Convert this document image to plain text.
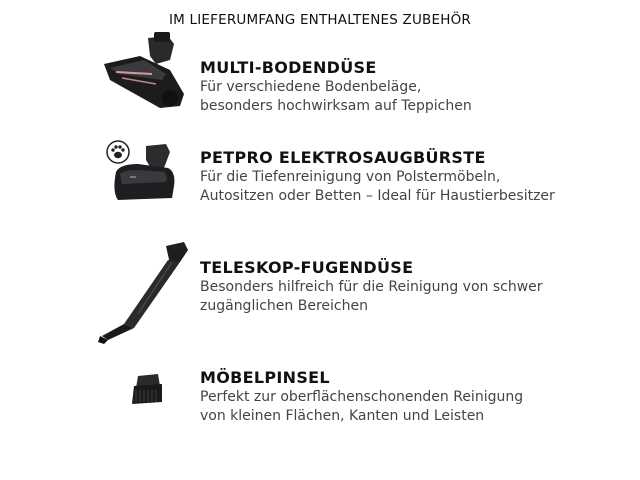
IM LIEFERUMFANG ENTHALTENES ZUBEHÖR
MULTI-BODENDÜSE
Für verschiedene Bodenbeläge,
besonders hochwirksam auf Teppichen
PETPRO ELEKTROSAUGBÜRSTE
Für die Tiefenreinigung von Polstermöbeln,
Autositzen oder Betten – Ideal für Haustierbesitzer
TELESKOP-FUGENDÜSE
Besonders hilfreich für die Reinigung von schwer
zugänglichen Bereichen
MÖBELPINSEL
Perfekt zur oberflächenschonenden Reinigung
von kleinen Flächen, Kanten und Leisten
